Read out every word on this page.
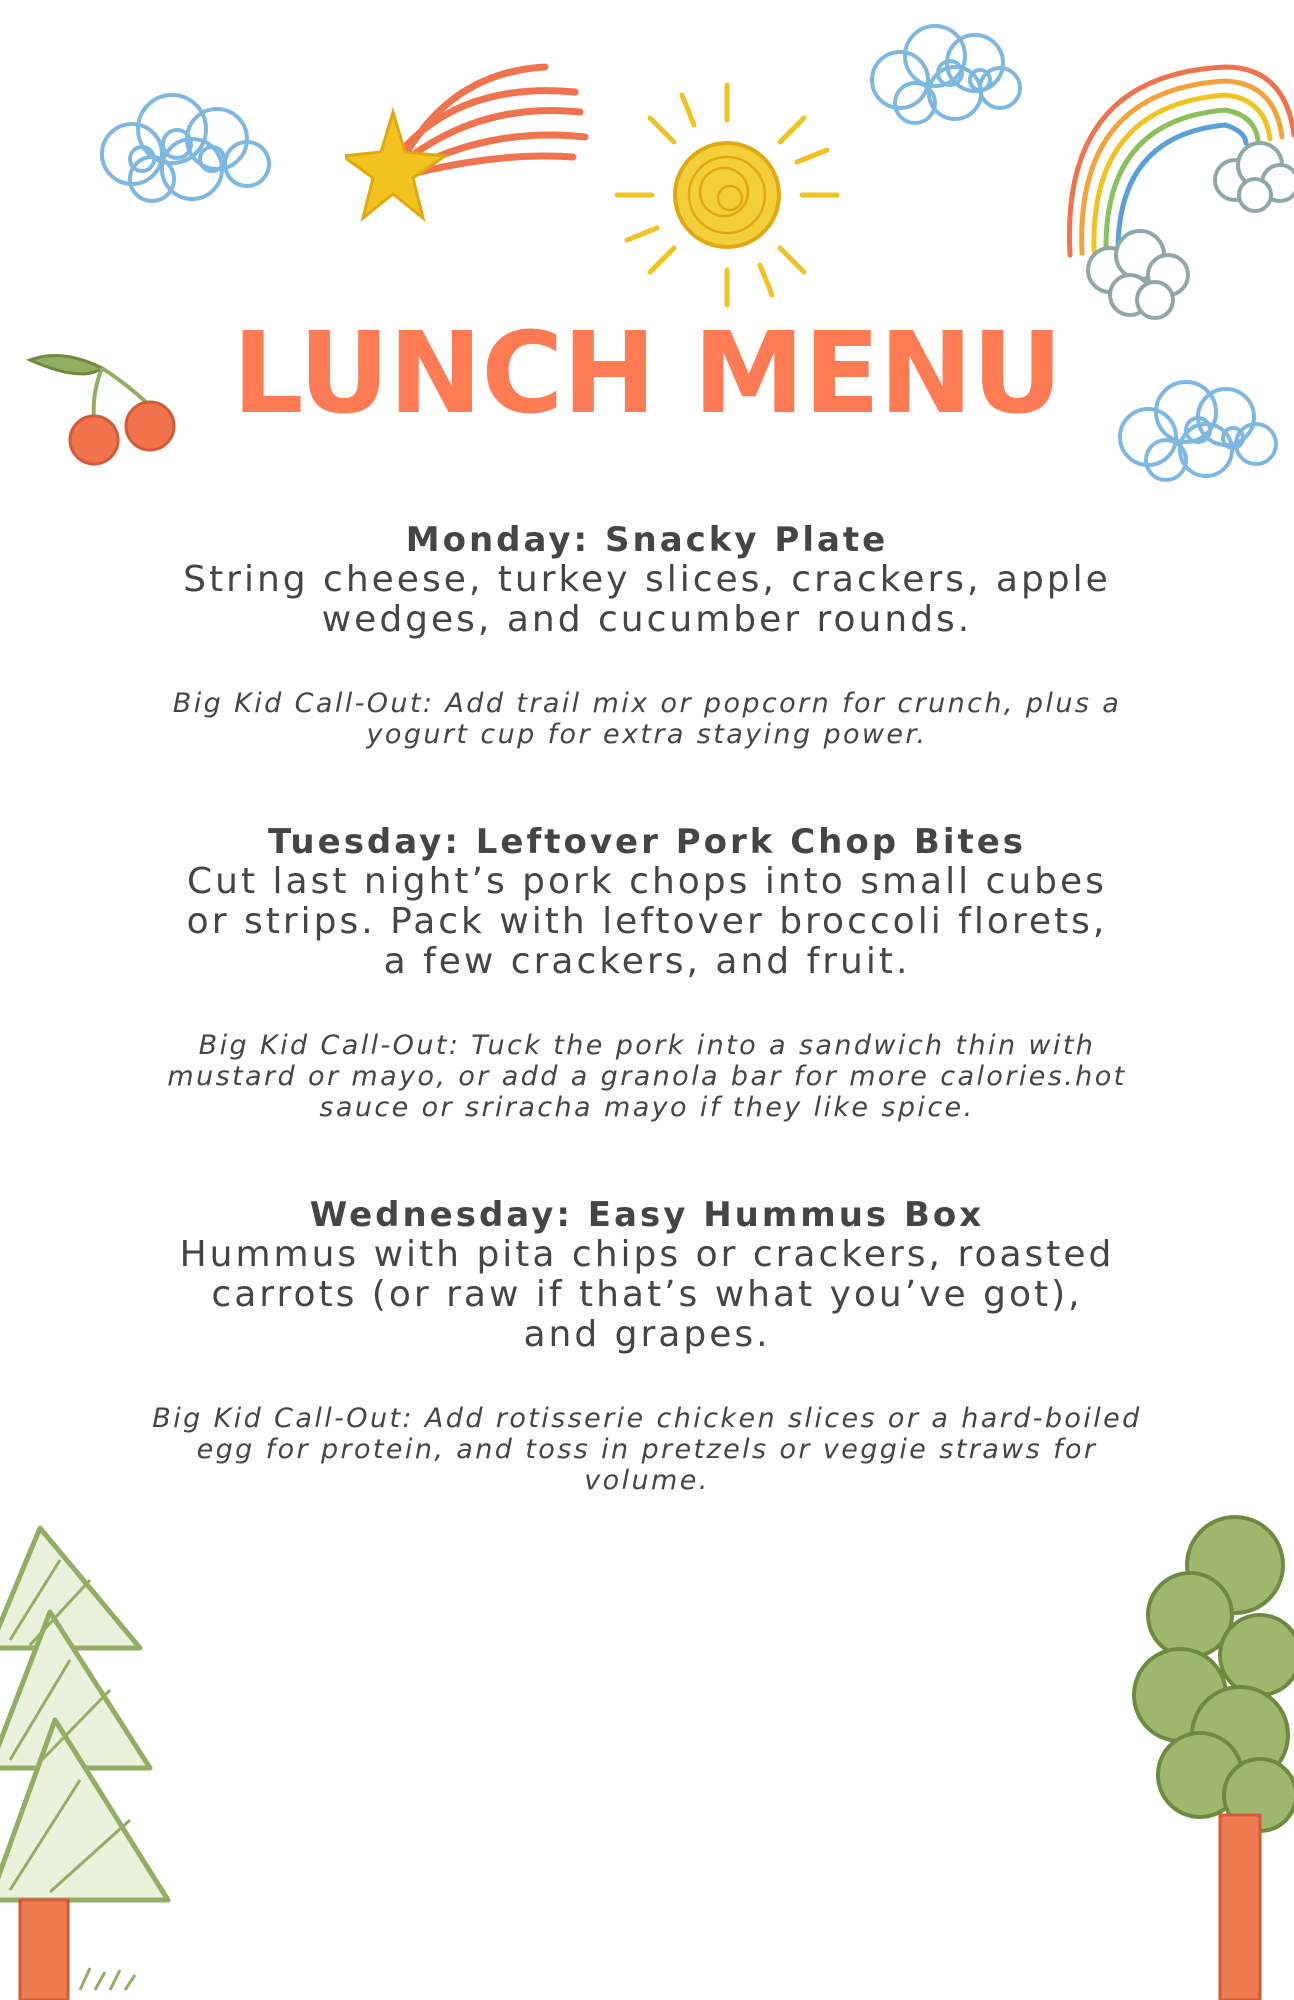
LUNCH MENU
Monday: Snacky Plate

String cheese, turkey slices, crackers, apple wedges, and cucumber rounds.

Big Kid Call-Out: Add trail mix or popcorn for crunch, plus a yogurt cup for extra staying power.

Tuesday: Leftover Pork Chop Bites

Cut last night’s pork chops into small cubes or strips. Pack with leftover broccoli florets, a few crackers, and fruit.

Big Kid Call-Out: Tuck the pork into a sandwich thin with mustard or mayo, or add a granola bar for more calories.hot sauce or sriracha mayo if they like spice.

Wednesday: Easy Hummus Box

Hummus with pita chips or crackers, roasted carrots (or raw if that’s what you’ve got), and grapes.

Big Kid Call-Out: Add rotisserie chicken slices or a hard-boiled egg for protein, and toss in pretzels or veggie straws for volume.
